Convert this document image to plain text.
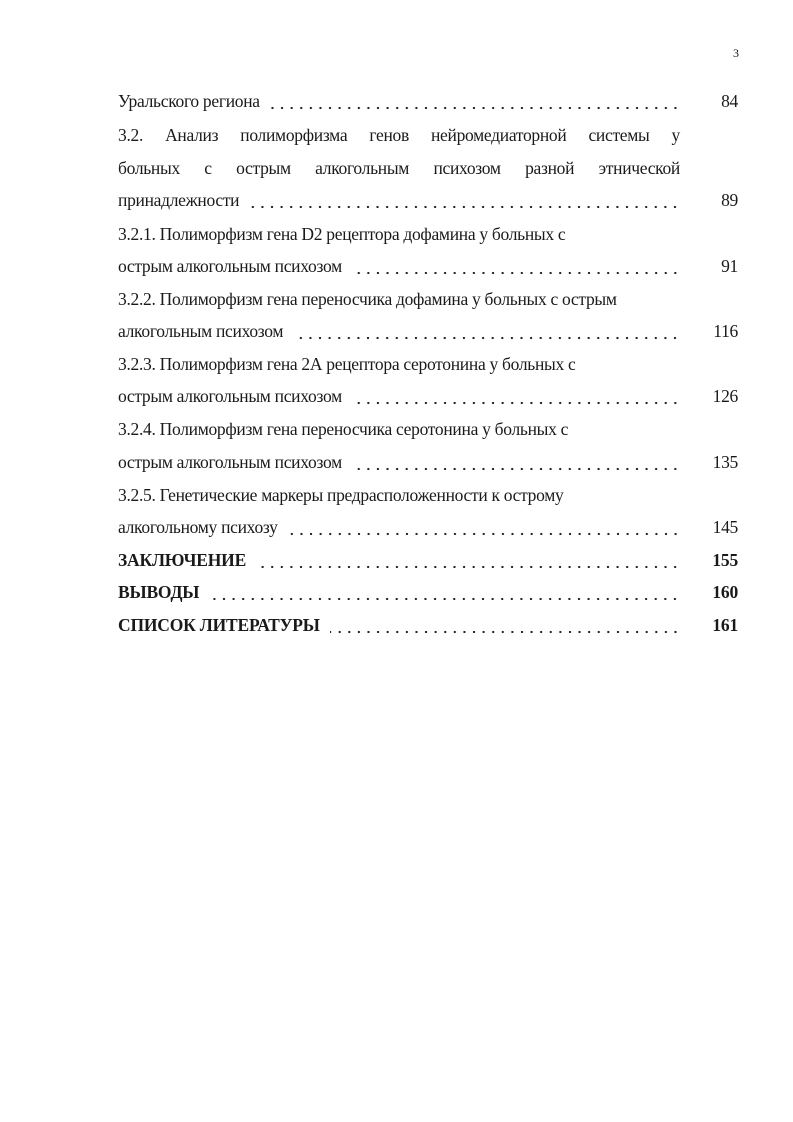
3
Уральского региона	84
3.2. Анализ полиморфизма генов нейромедиаторной системы у
больных с острым алкогольным психозом разной этнической
принадлежности	89
3.2.1. Полиморфизм гена D2 рецептора дофамина у больных с
острым алкогольным психозом	91
3.2.2. Полиморфизм гена переносчика дофамина у больных с острым
алкогольным психозом	116
3.2.3. Полиморфизм гена 2А рецептора серотонина у больных с
острым алкогольным психозом	126
3.2.4. Полиморфизм гена переносчика серотонина у больных с
острым алкогольным психозом	135
3.2.5. Генетические маркеры предрасположенности к острому
алкогольному психозу	145
ЗАКЛЮЧЕНИЕ	155
ВЫВОДЫ	160
СПИСОК ЛИТЕРАТУРЫ	161
